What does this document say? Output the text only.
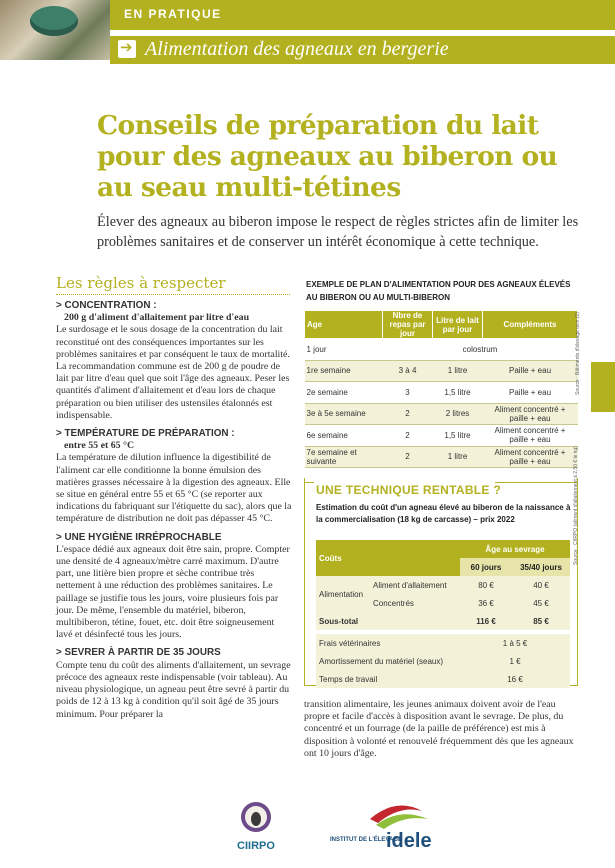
EN PRATIQUE
➔ Alimentation des agneaux en bergerie
Conseils de préparation du lait pour des agneaux au biberon ou au seau multi-tétines
Élever des agneaux au biberon impose le respect de règles strictes afin de limiter les problèmes sanitaires et de conserver un intérêt économique à cette technique.
Les règles à respecter
> CONCENTRATION :
200 g d'aliment d'allaitement par litre d'eau

Le surdosage et le sous dosage de la concentration du lait reconstitué ont des conséquences importantes sur les problèmes sanitaires et par conséquent le taux de mortalité. La recommandation commune est de 200 g de poudre de lait par litre d'eau quel que soit l'âge des agneaux. Peser les quantités d'aliment d'allaitement et d'eau lors de chaque préparation ou bien utiliser des ustensiles étalonnés est indispensable.

> TEMPÉRATURE DE PRÉPARATION :
entre 55 et 65 °C

La température de dilution influence la digestibilité de l'aliment car elle conditionne la bonne émulsion des matières grasses nécessaire à la digestion des agneaux. Elle se situe en général entre 55 et 65 °C (se reporter aux indications du fabriquant sur l'étiquette du sac), alors que la température de distribution ne doit pas dépasser 45 °C.

> UNE HYGIÈNE IRRÉPROCHABLE

L'espace dédié aux agneaux doit être sain, propre. Compter une densité de 4 agneaux/mètre carré maximum. D'autre part, une litière bien propre et sèche contribue très nettement à une réduction des problèmes sanitaires. Le paillage se justifie tous les jours, voire plusieurs fois par jour. De même, l'ensemble du matériel, biberon, multibiberon, tétine, fouet, etc. doit être soigneusement lavé et désinfecté tous les jours.

> SEVRER À PARTIR DE 35 JOURS

Compte tenu du coût des aliments d'allaitement, un sevrage précoce des agneaux reste indispensable (voir tableau). Au niveau physiologique, un agneau peut être sevré à partir du poids de 12 à 13 kg à condition qu'il soit âgé de 35 jours minimum. Pour préparer la

EXEMPLE DE PLAN D'ALIMENTATION POUR DES AGNEAUX ÉLEVÉS AU BIBERON OU AU MULTI-BIBERON
Age	Nbre de repas par jour	Litre de lait par jour	Compléments
1 jour	colostrum		
1re semaine	3 à 4	1 litre	Paille + eau
2e semaine	3	1,5 litre	Paille + eau
3e à 5e semaine	2	2 litres	Aliment concentré + paille + eau
6e semaine	2	1,5 litre	Aliment concentré + paille + eau
7e semaine et suivante	2	1 litre	Aliment concentré + paille + eau
Source : Bâtiments d'élevage ovin (2)
UNE TECHNIQUE RENTABLE ?
Estimation du coût d'un agneau élevé au biberon de la naissance à la commercialisation (18 kg de carcasse) – prix 2022
Coûts		Âge au sevrage	
		60 jours	35/40 jours
Alimentation	Aliment d'allaitement	80 €	40 €
	Concentrés	36 €	45 €
Sous-total		116 €	85 €

Frais vétérinaires		1 à 5 €	
Amortissement du matériel (seaux)		1 €	
Temps de travail		16 €	
Source : CIIRPO (aliment d'allaitement à 2,50 € le kg)

transition alimentaire, les jeunes animaux doivent avoir de l'eau propre et facile d'accès à disposition avant le sevrage. De plus, du concentré et un fourrage (de la paille de préférence) est mis à disposition à volonté et renouvelé fréquemment dès que les agneaux ont 10 jours d'âge.

CIIRPO	INSTITUT DE L'ÉLEVAGE
idele
